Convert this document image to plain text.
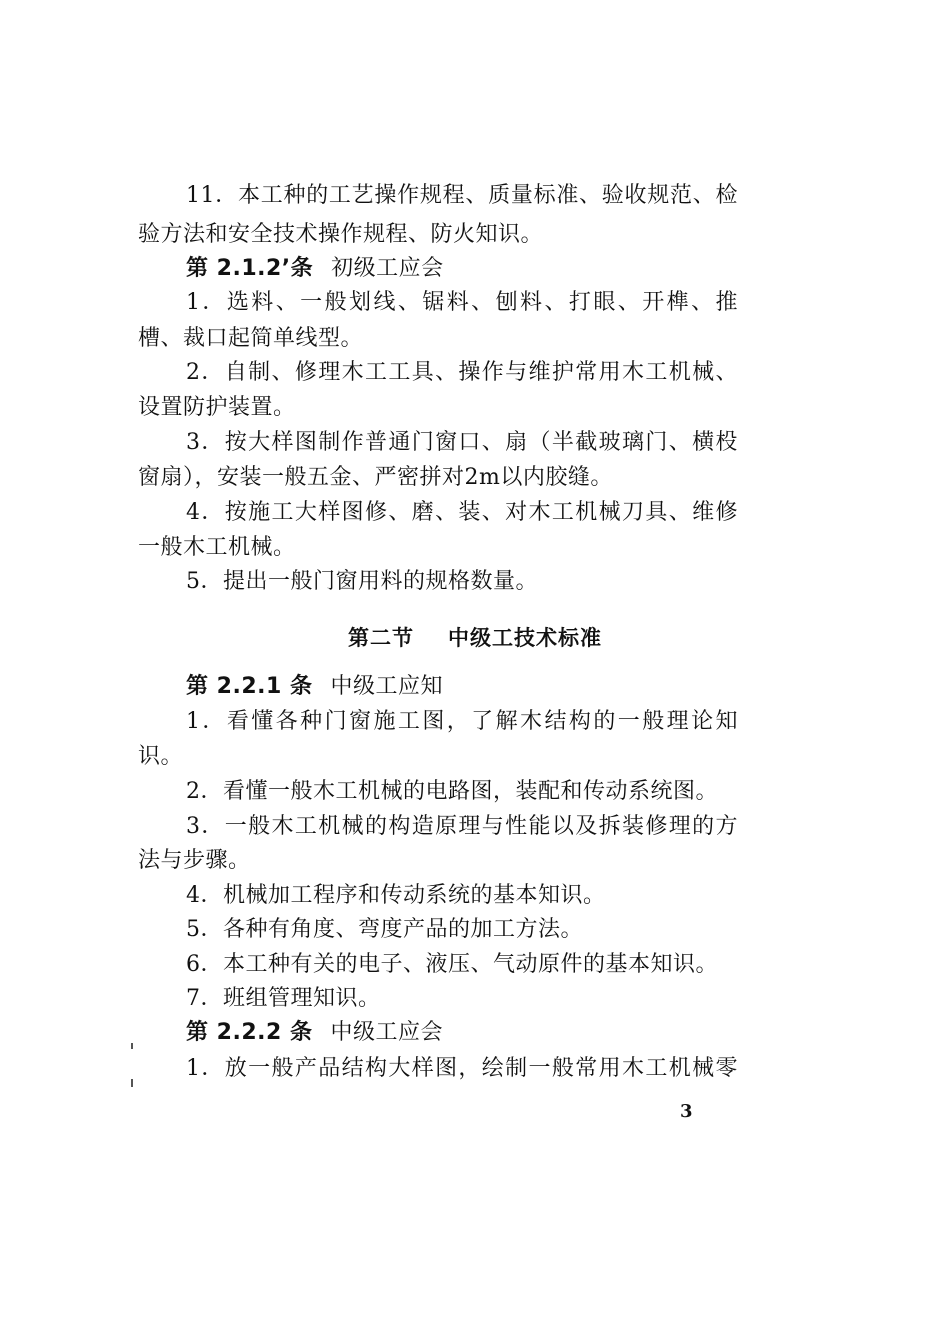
11．本工种的工艺操作规程、质量标准、验收规范、检
验方法和安全技术操作规程、防火知识。
第 2.1.2’条 初级工应会
1．选料、一般划线、锯料、刨料、打眼、开榫、推
槽、裁口起简单线型。
2．自制、修理木工工具、操作与维护常用木工机械、
设置防护装置。
3．按大样图制作普通门窗口、扇（半截玻璃门、横杸
窗扇），安装一般五金、严密拼对2m以内胶缝。
4．按施工大样图修、磨、装、对木工机械刀具、维修
一般木工机械。
5．提出一般门窗用料的规格数量。
第二节 中级工技术标准
第 2.2.1 条 中级工应知
1．看懂各种门窗施工图，了解木结构的一般理论知
识。
2．看懂一般木工机械的电路图，装配和传动系统图。
3．一般木工机械的构造原理与性能以及拆装修理的方
法与步骤。
4．机械加工程序和传动系统的基本知识。
5．各种有角度、弯度产品的加工方法。
6．本工种有关的电子、液压、气动原件的基本知识。
7．班组管理知识。
第 2.2.2 条 中级工应会
1．放一般产品结构大样图，绘制一般常用木工机械零
3
